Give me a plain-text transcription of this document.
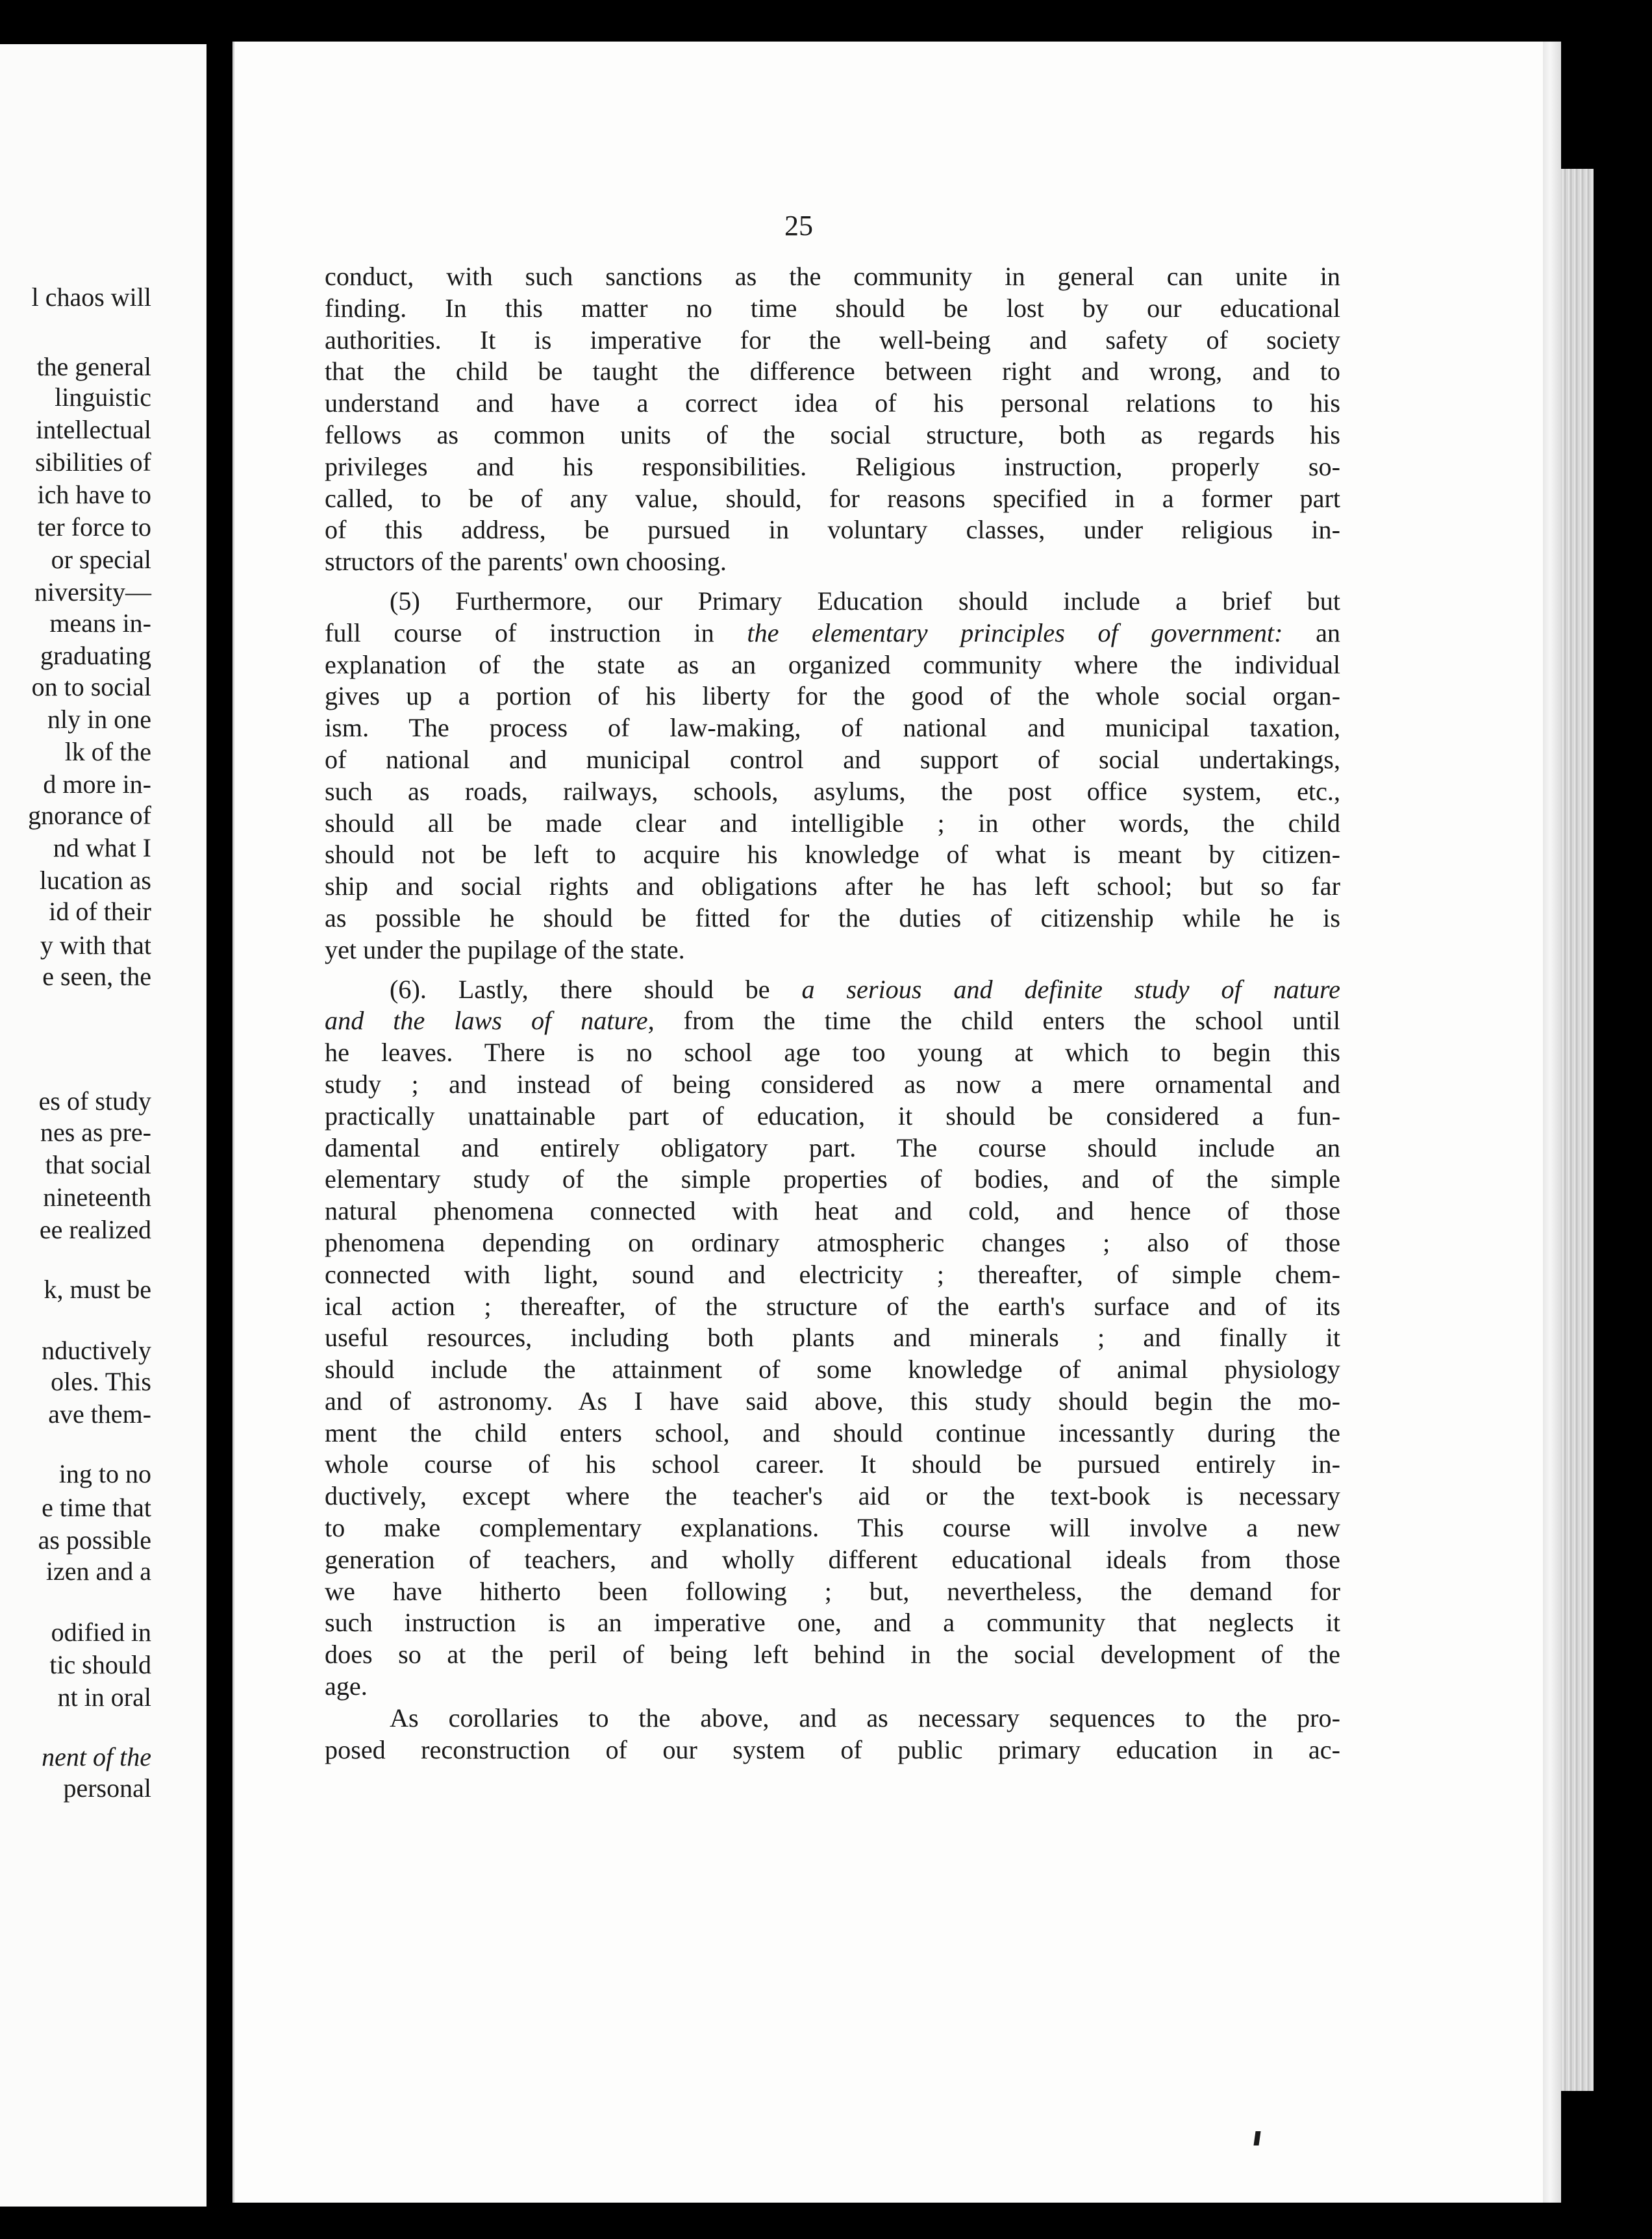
l chaos will
the general
linguistic
intellectual
sibilities of
ich have to
ter force to
or special
niversity—
means in-
graduating
on to social
nly in one
lk of the
d more in-
gnorance of
nd what I
lucation as
id of their
y with that
e seen, the
es of study
nes as pre-
that social
nineteenth
ee realized
k, must be
nductively
oles. This
ave them-
ing to no
e time that
as possible
izen and a
odified in
tic should
nt in oral
nent of the
personal
25
conduct, with such sanctions as the community in general can unite in
finding. In this matter no time should be lost by our educational
authorities. It is imperative for the well-being and safety of society
that the child be taught the difference between right and wrong, and to
understand and have a correct idea of his personal relations to his
fellows as common units of the social structure, both as regards his
privileges and his responsibilities. Religious instruction, properly so-
called, to be of any value, should, for reasons specified in a former part
of this address, be pursued in voluntary classes, under religious in-
structors of the parents' own choosing.
(5) Furthermore, our Primary Education should include a brief but
full course of instruction in the elementary principles of government: an
explanation of the state as an organized community where the individual
gives up a portion of his liberty for the good of the whole social organ-
ism. The process of law-making, of national and municipal taxation,
of national and municipal control and support of social undertakings,
such as roads, railways, schools, asylums, the post office system, etc.,
should all be made clear and intelligible ; in other words, the child
should not be left to acquire his knowledge of what is meant by citizen-
ship and social rights and obligations after he has left school; but so far
as possible he should be fitted for the duties of citizenship while he is
yet under the pupilage of the state.
(6). Lastly, there should be a serious and definite study of nature
and the laws of nature, from the time the child enters the school until
he leaves. There is no school age too young at which to begin this
study ; and instead of being considered as now a mere ornamental and
practically unattainable part of education, it should be considered a fun-
damental and entirely obligatory part. The course should include an
elementary study of the simple properties of bodies, and of the simple
natural phenomena connected with heat and cold, and hence of those
phenomena depending on ordinary atmospheric changes ; also of those
connected with light, sound and electricity ; thereafter, of simple chem-
ical action ; thereafter, of the structure of the earth's surface and of its
useful resources, including both plants and minerals ; and finally it
should include the attainment of some knowledge of animal physiology
and of astronomy. As I have said above, this study should begin the mo-
ment the child enters school, and should continue incessantly during the
whole course of his school career. It should be pursued entirely in-
ductively, except where the teacher's aid or the text-book is necessary
to make complementary explanations. This course will involve a new
generation of teachers, and wholly different educational ideals from those
we have hitherto been following ; but, nevertheless, the demand for
such instruction is an imperative one, and a community that neglects it
does so at the peril of being left behind in the social development of the
age.
As corollaries to the above, and as necessary sequences to the pro-
posed reconstruction of our system of public primary education in ac-
